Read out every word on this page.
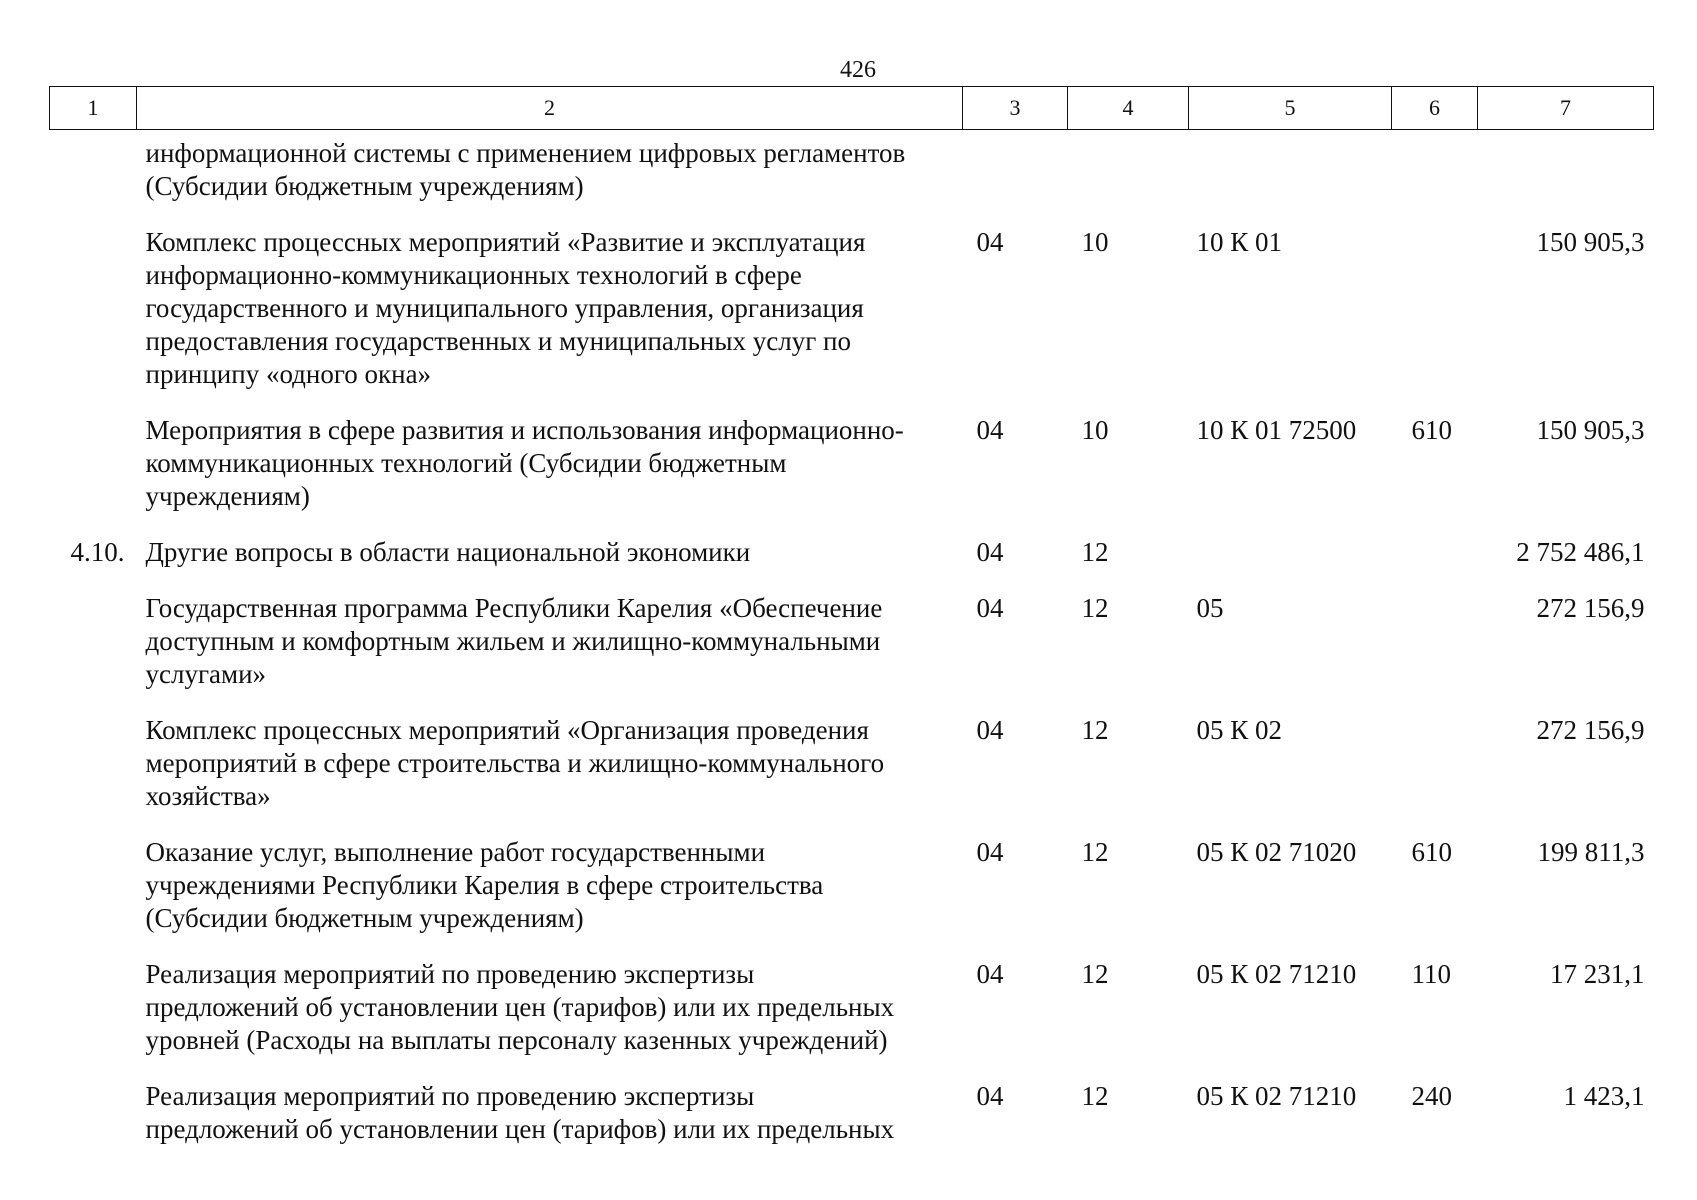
426
1	2	3	4	5	6	7

	информационной системы с применением цифровых регламентов
(Субсидии бюджетным учреждениям)					

	Комплекс процессных мероприятий «Развитие и эксплуатация
информационно-коммуникационных технологий в сфере
государственного и муниципального управления, организация
предоставления государственных и муниципальных услуг по
принципу «одного окна»	04	10	10 К 01		150 905,3

	Мероприятия в сфере развития и использования информационно-
коммуникационных технологий (Субсидии бюджетным
учреждениям)	04	10	10 К 01 72500	610	150 905,3
4.10.	Другие вопросы в области национальной экономики	04	12			2 752 486,1

	Государственная программа Республики Карелия «Обеспечение
доступным и комфортным жильем и жилищно-коммунальными
услугами»	04	12	05		272 156,9

	Комплекс процессных мероприятий «Организация проведения
мероприятий в сфере строительства и жилищно-коммунального
хозяйства»	04	12	05 К 02		272 156,9

	Оказание услуг, выполнение работ государственными
учреждениями Республики Карелия в сфере строительства
(Субсидии бюджетным учреждениям)	04	12	05 К 02 71020	610	199 811,3

	Реализация мероприятий по проведению экспертизы
предложений об установлении цен (тарифов) или их предельных
уровней (Расходы на выплаты персоналу казенных учреждений)	04	12	05 К 02 71210	110	17 231,1

	Реализация мероприятий по проведению экспертизы
предложений об установлении цен (тарифов) или их предельных	04	12	05 К 02 71210	240	1 423,1
